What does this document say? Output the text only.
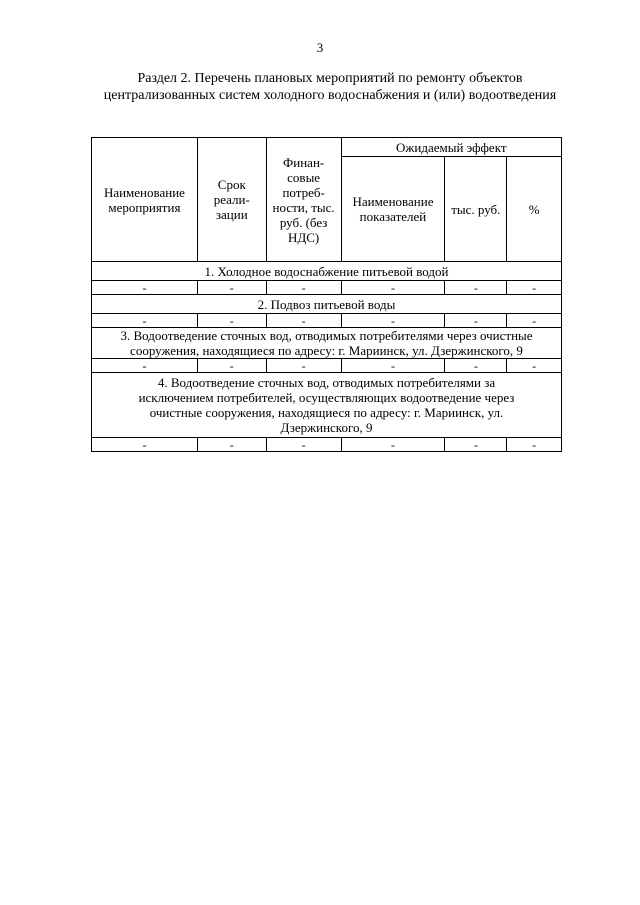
3
Раздел 2. Перечень плановых мероприятий по ремонту объектов централизованных систем холодного водоснабжения и (или) водоотведения
Наименование мероприятия	Срок реали-зации	Финан-совые потреб-ности, тыс. руб. (без НДС)	Ожидаемый эффект		
			Наименование показателей	тыс. руб.	%
1. Холодное водоснабжение питьевой водой					
-	-	-	-	-	-
2. Подвоз питьевой воды					
-	-	-	-	-	-
3. Водоотведение сточных вод, отводимых потребителями через очистные сооружения, находящиеся по адресу: г. Мариинск, ул. Дзержинского, 9					
-	-	-	-	-	-
4. Водоотведение сточных вод, отводимых потребителями за исключением потребителей, осуществляющих водоотведение через очистные сооружения, находящиеся по адресу: г. Мариинск, ул. Дзержинского, 9					
-	-	-	-	-	-
